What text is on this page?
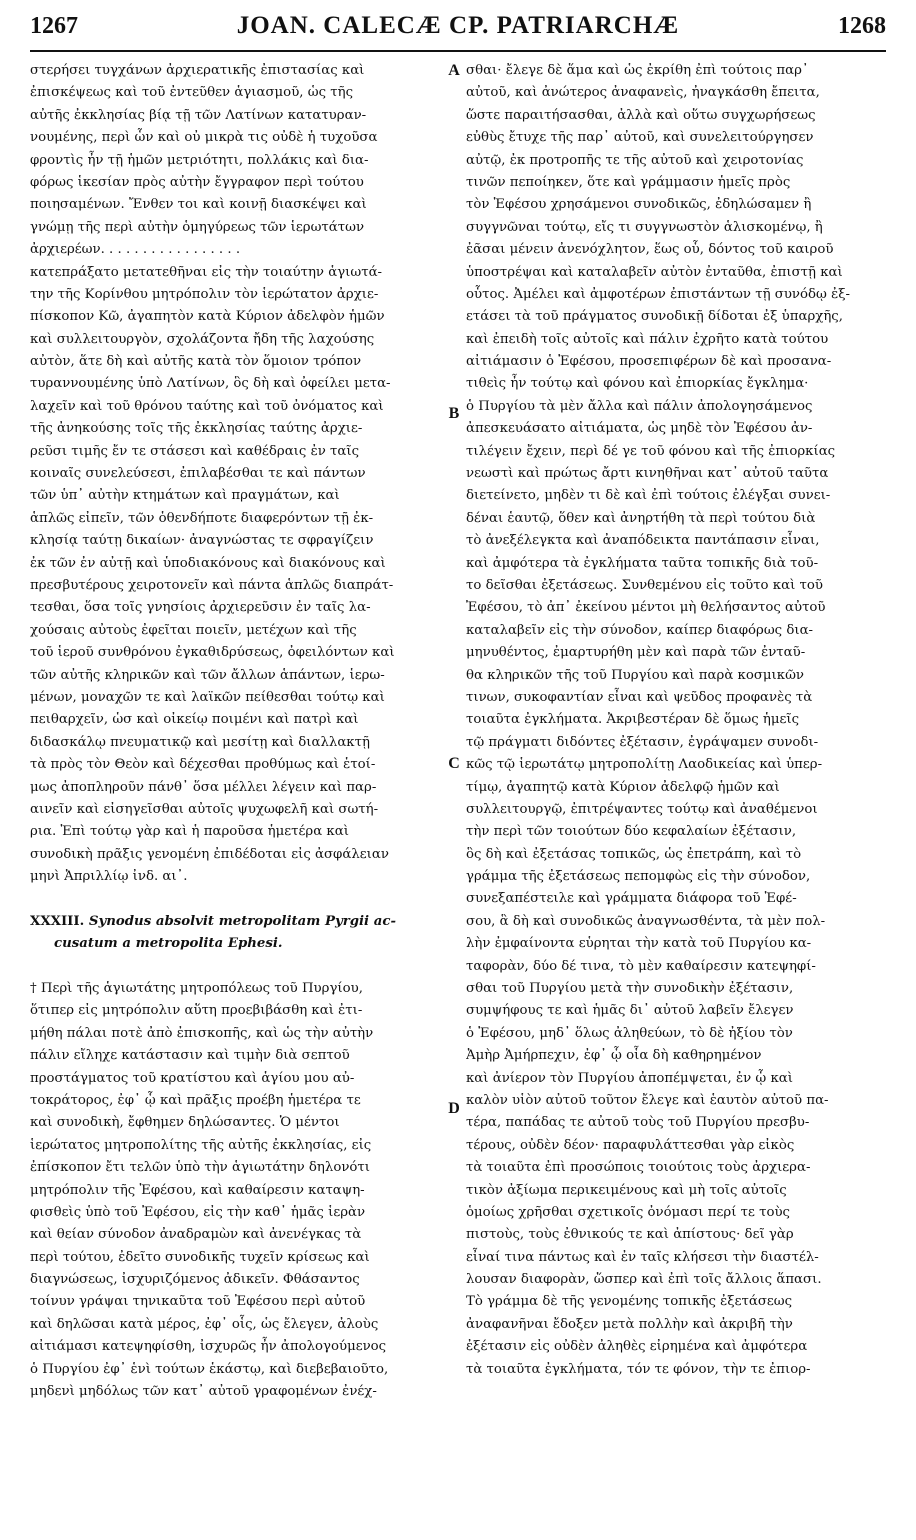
1267	JOAN. CALECÆ CP. PATRIARCHÆ	1268
στερήσει τυγχάνων ἀρχιερατικῆς ἐπιστασίας καὶ
ἐπισκέψεως καὶ τοῦ ἐντεῦθεν ἁγιασμοῦ, ὡς τῆς
αὐτῆς ἐκκλησίας βίᾳ τῇ τῶν Λατίνων κατατυραν-
νουμένης, περὶ ὧν καὶ οὐ μικρὰ τις οὐδὲ ἡ τυχοῦσα
φροντὶς ἦν τῇ ἡμῶν μετριότητι, πολλάκις καὶ δια-
φόρως ἱκεσίαν πρὸς αὐτὴν ἔγγραφον περὶ τούτου
ποιησαμένων. Ἔνθεν τοι καὶ κοινῇ διασκέψει καὶ
γνώμῃ τῆς περὶ αὐτὴν ὁμηγύρεως τῶν ἱερωτάτων
ἀρχιερέων. . . . . . . . . . . . . . . . .
κατεπράξατο μετατεθῆναι εἰς τὴν τοιαύτην ἁγιωτά-
την τῆς Κορίνθου μητρόπολιν τὸν ἱερώτατον ἀρχιε-
πίσκοπον Κῶ, ἀγαπητὸν κατὰ Κύριον ἀδελφὸν ἡμῶν
καὶ συλλειτουργὸν, σχολάζοντα ἤδη τῆς λαχούσης
αὐτὸν, ἅτε δὴ καὶ αὐτῆς κατὰ τὸν ὅμοιον τρόπον
τυραννουμένης ὑπὸ Λατίνων, ὃς δὴ καὶ ὀφείλει μετα-
λαχεῖν καὶ τοῦ θρόνου ταύτης καὶ τοῦ ὀνόματος καὶ
τῆς ἀνηκούσης τοῖς τῆς ἐκκλησίας ταύτης ἀρχιε-
ρεῦσι τιμῆς ἔν τε στάσεσι καὶ καθέδραις ἐν ταῖς
κοιναῖς συνελεύσεσι, ἐπιλαβέσθαι τε καὶ πάντων
τῶν ὑπ᾽ αὐτὴν κτημάτων καὶ πραγμάτων, καὶ
ἁπλῶς εἰπεῖν, τῶν ὁθενδήποτε διαφερόντων τῇ ἐκ-
κλησίᾳ ταύτῃ δικαίων· ἀναγνώστας τε σφραγίζειν
ἐκ τῶν ἐν αὐτῇ καὶ ὑποδιακόνους καὶ διακόνους καὶ
πρεσβυτέρους χειροτονεῖν καὶ πάντα ἁπλῶς διαπράτ-
τεσθαι, ὅσα τοῖς γνησίοις ἀρχιερεῦσιν ἐν ταῖς λα-
χούσαις αὐτοὺς ἐφεῖται ποιεῖν, μετέχων καὶ τῆς
τοῦ ἱεροῦ συνθρόνου ἐγκαθιδρύσεως, ὀφειλόντων καὶ
τῶν αὐτῆς κληρικῶν καὶ τῶν ἄλλων ἁπάντων, ἱερω-
μένων, μοναχῶν τε καὶ λαϊκῶν πείθεσθαι τούτῳ καὶ
πειθαρχεῖν, ὡσ καὶ οἰκείῳ ποιμένι καὶ πατρὶ καὶ
διδασκάλῳ πνευματικῷ καὶ μεσίτῃ καὶ διαλλακτῇ
τὰ πρὸς τὸν Θεὸν καὶ δέχεσθαι προθύμως καὶ ἑτοί-
μως ἀποπληροῦν πάνθ᾽ ὅσα μέλλει λέγειν καὶ παρ-
αινεῖν καὶ εἰσηγεῖσθαι αὐτοῖς ψυχωφελῆ καὶ σωτή-
ρια. Ἐπὶ τούτῳ γὰρ καὶ ἡ παροῦσα ἡμετέρα καὶ
συνοδικὴ πρᾶξις γενομένη ἐπιδέδοται εἰς ἀσφάλειαν
μηνὶ Ἀπριλλίῳ ἰνδ. αι᾽.
XXXIII. Synodus absolvit metropolitam Pyrgii ac-
cusatum a metropolita Ephesi.
† Περὶ τῆς ἁγιωτάτης μητροπόλεως τοῦ Πυργίου,
ὅτιπερ εἰς μητρόπολιν αὕτη προεβιβάσθη καὶ ἐτι-
μήθη πάλαι ποτὲ ἀπὸ ἐπισκοπῆς, καὶ ὡς τὴν αὐτὴν
πάλιν εἴληχε κατάστασιν καὶ τιμὴν διὰ σεπτοῦ
προστάγματος τοῦ κρατίστου καὶ ἁγίου μου αὐ-
τοκράτορος, ἐφ᾽ ᾧ καὶ πρᾶξις προέβη ἡμετέρα τε
καὶ συνοδικὴ, ἔφθημεν δηλώσαντες. Ὁ μέντοι
ἱερώτατος μητροπολίτης τῆς αὐτῆς ἐκκλησίας, εἰς
ἐπίσκοπον ἔτι τελῶν ὑπὸ τὴν ἁγιωτάτην δηλονότι
μητρόπολιν τῆς Ἐφέσου, καὶ καθαίρεσιν καταψη-
φισθεὶς ὑπὸ τοῦ Ἐφέσου, εἰς τὴν καθ᾽ ἡμᾶς ἱερὰν
καὶ θείαν σύνοδον ἀναδραμὼν καὶ ἀνενέγκας τὰ
περὶ τούτου, ἐδεῖτο συνοδικῆς τυχεῖν κρίσεως καὶ
διαγνώσεως, ἰσχυριζόμενος ἀδικεῖν. Φθάσαντος
τοίνυν γράψαι τηνικαῦτα τοῦ Ἐφέσου περὶ αὐτοῦ
καὶ δηλῶσαι κατὰ μέρος, ἐφ᾽ οἷς, ὡς ἔλεγεν, ἀλοὺς
αἰτιάμασι κατεψηφίσθη, ἰσχυρῶς ἦν ἀπολογούμενος
ὁ Πυργίου ἐφ᾽ ἑνὶ τούτων ἑκάστῳ, καὶ διεβεβαιοῦτο,
μηδενὶ μηδόλως τῶν κατ᾽ αὐτοῦ γραφομένων ἐνέχ-
σθαι· ἔλεγε δὲ ἅμα καὶ ὡς ἐκρίθη ἐπὶ τούτοις παρ᾽
αὐτοῦ, καὶ ἀνώτερος ἀναφανεὶς, ἠναγκάσθη ἔπειτα,
ὥστε παραιτήσασθαι, ἀλλὰ καὶ οὕτω συγχωρήσεως
εὐθὺς ἔτυχε τῆς παρ᾽ αὐτοῦ, καὶ συνελειτούργησεν
αὐτῷ, ἐκ προτροπῆς τε τῆς αὐτοῦ καὶ χειροτονίας
τινῶν πεποίηκεν, ὅτε καὶ γράμμασιν ἡμεῖς πρὸς
τὸν Ἐφέσου χρησάμενοι συνοδικῶς, ἐδηλώσαμεν ἢ
συγγνῶναι τούτῳ, εἴς τι συγγνωστὸν ἁλισκομένῳ, ἢ
ἐᾶσαι μένειν ἀνενόχλητον, ἕως οὗ, δόντος τοῦ καιροῦ
ὑποστρέψαι καὶ καταλαβεῖν αὐτὸν ἐνταῦθα, ἐπιστῇ καὶ
οὗτος. Ἀμέλει καὶ ἀμφοτέρων ἐπιστάντων τῇ συνόδῳ ἐξ-
ετάσει τὰ τοῦ πράγματος συνοδικῇ δίδοται ἐξ ὑπαρχῆς,
καὶ ἐπειδὴ τοῖς αὐτοῖς καὶ πάλιν ἐχρῆτο κατὰ τούτου
αἰτιάμασιν ὁ Ἐφέσου, προσεπιφέρων δὲ καὶ προσανα-
τιθεὶς ἦν τούτῳ καὶ φόνου καὶ ἐπιορκίας ἔγκλημα·
ὁ Πυργίου τὰ μὲν ἄλλα καὶ πάλιν ἀπολογησάμενος
ἀπεσκευάσατο αἰτιάματα, ὡς μηδὲ τὸν Ἐφέσου ἀν-
τιλέγειν ἔχειν, περὶ δέ γε τοῦ φόνου καὶ τῆς ἐπιορκίας
νεωστὶ καὶ πρώτως ἄρτι κινηθῆναι κατ᾽ αὐτοῦ ταῦτα
διετείνετο, μηδὲν τι δὲ καὶ ἐπὶ τούτοις ἐλέγξαι συνει-
δέναι ἑαυτῷ, ὅθεν καὶ ἀνηρτήθη τὰ περὶ τούτου διὰ
τὸ ἀνεξέλεγκτα καὶ ἀναπόδεικτα παντάπασιν εἶναι,
καὶ ἀμφότερα τὰ ἐγκλήματα ταῦτα τοπικῆς διὰ τοῦ-
το δεῖσθαι ἐξετάσεως. Συνθεμένου εἰς τοῦτο καὶ τοῦ
Ἐφέσου, τὸ ἀπ᾽ ἐκείνου μέντοι μὴ θελήσαντος αὐτοῦ
καταλαβεῖν εἰς τὴν σύνοδον, καίπερ διαφόρως δια-
μηνυθέντος, ἐμαρτυρήθη μὲν καὶ παρὰ τῶν ἐνταῦ-
θα κληρικῶν τῆς τοῦ Πυργίου καὶ παρὰ κοσμικῶν
τινων, συκοφαντίαν εἶναι καὶ ψεῦδος προφανὲς τὰ
τοιαῦτα ἐγκλήματα. Ἀκριβεστέραν δὲ ὅμως ἡμεῖς
τῷ πράγματι διδόντες ἐξέτασιν, ἐγράψαμεν συνοδι-
κῶς τῷ ἱερωτάτῳ μητροπολίτῃ Λαοδικείας καὶ ὑπερ-
τίμῳ, ἀγαπητῷ κατὰ Κύριον ἀδελφῷ ἡμῶν καὶ
συλλειτουργῷ, ἐπιτρέψαντες τούτῳ καὶ ἀναθέμενοι
τὴν περὶ τῶν τοιούτων δύο κεφαλαίων ἐξέτασιν,
ὃς δὴ καὶ ἐξετάσας τοπικῶς, ὡς ἐπετράπη, καὶ τὸ
γράμμα τῆς ἐξετάσεως πεπομφὼς εἰς τὴν σύνοδον,
συνεξαπέστειλε καὶ γράμματα διάφορα τοῦ Ἐφέ-
σου, ἃ δὴ καὶ συνοδικῶς ἀναγνωσθέντα, τὰ μὲν πολ-
λὴν ἐμφαίνοντα εὑρηται τὴν κατὰ τοῦ Πυργίου κα-
ταφορὰν, δύο δέ τινα, τὸ μὲν καθαίρεσιν κατεψηφί-
σθαι τοῦ Πυργίου μετὰ τὴν συνοδικὴν ἐξέτασιν,
συμψήφους τε καὶ ἡμᾶς δι᾽ αὐτοῦ λαβεῖν ἔλεγεν
ὁ Ἐφέσου, μηδ᾽ ὅλως ἀληθεύων, τὸ δὲ ἠξίου τὸν
Ἀμὴρ Ἀμήρπεχιν, ἐφ᾽ ᾧ οἷα δὴ καθηρημένον
καὶ ἀνίερον τὸν Πυργίου ἀποπέμψεται, ἐν ᾧ καὶ
καλὸν υἱὸν αὐτοῦ τοῦτον ἔλεγε καὶ ἑαυτὸν αὐτοῦ πα-
τέρα, παπάδας τε αὐτοῦ τοὺς τοῦ Πυργίου πρεσβυ-
τέρους, οὐδὲν δέον· παραφυλάττεσθαι γὰρ εἰκὸς
τὰ τοιαῦτα ἐπὶ προσώποις τοιούτοις τοὺς ἀρχιερα-
τικὸν ἀξίωμα περικειμένους καὶ μὴ τοῖς αὐτοῖς
ὁμοίως χρῆσθαι σχετικοῖς ὀνόμασι περί τε τοὺς
πιστοὺς, τοὺς ἐθνικούς τε καὶ ἀπίστους· δεῖ γὰρ
εἶναί τινα πάντως καὶ ἐν ταῖς κλήσεσι τὴν διαστέλ-
λουσαν διαφορὰν, ὥσπερ καὶ ἐπὶ τοῖς ἄλλοις ἅπασι.
Τὸ γράμμα δὲ τῆς γενομένης τοπικῆς ἐξετάσεως
ἀναφανῆναι ἔδοξεν μετὰ πολλὴν καὶ ἀκριβῆ τὴν
ἐξέτασιν εἰς οὐδὲν ἀληθὲς εἰρημένα καὶ ἀμφότερα
τὰ τοιαῦτα ἐγκλήματα, τόν τε φόνον, τὴν τε ἐπιορ-
A
B
C
D
